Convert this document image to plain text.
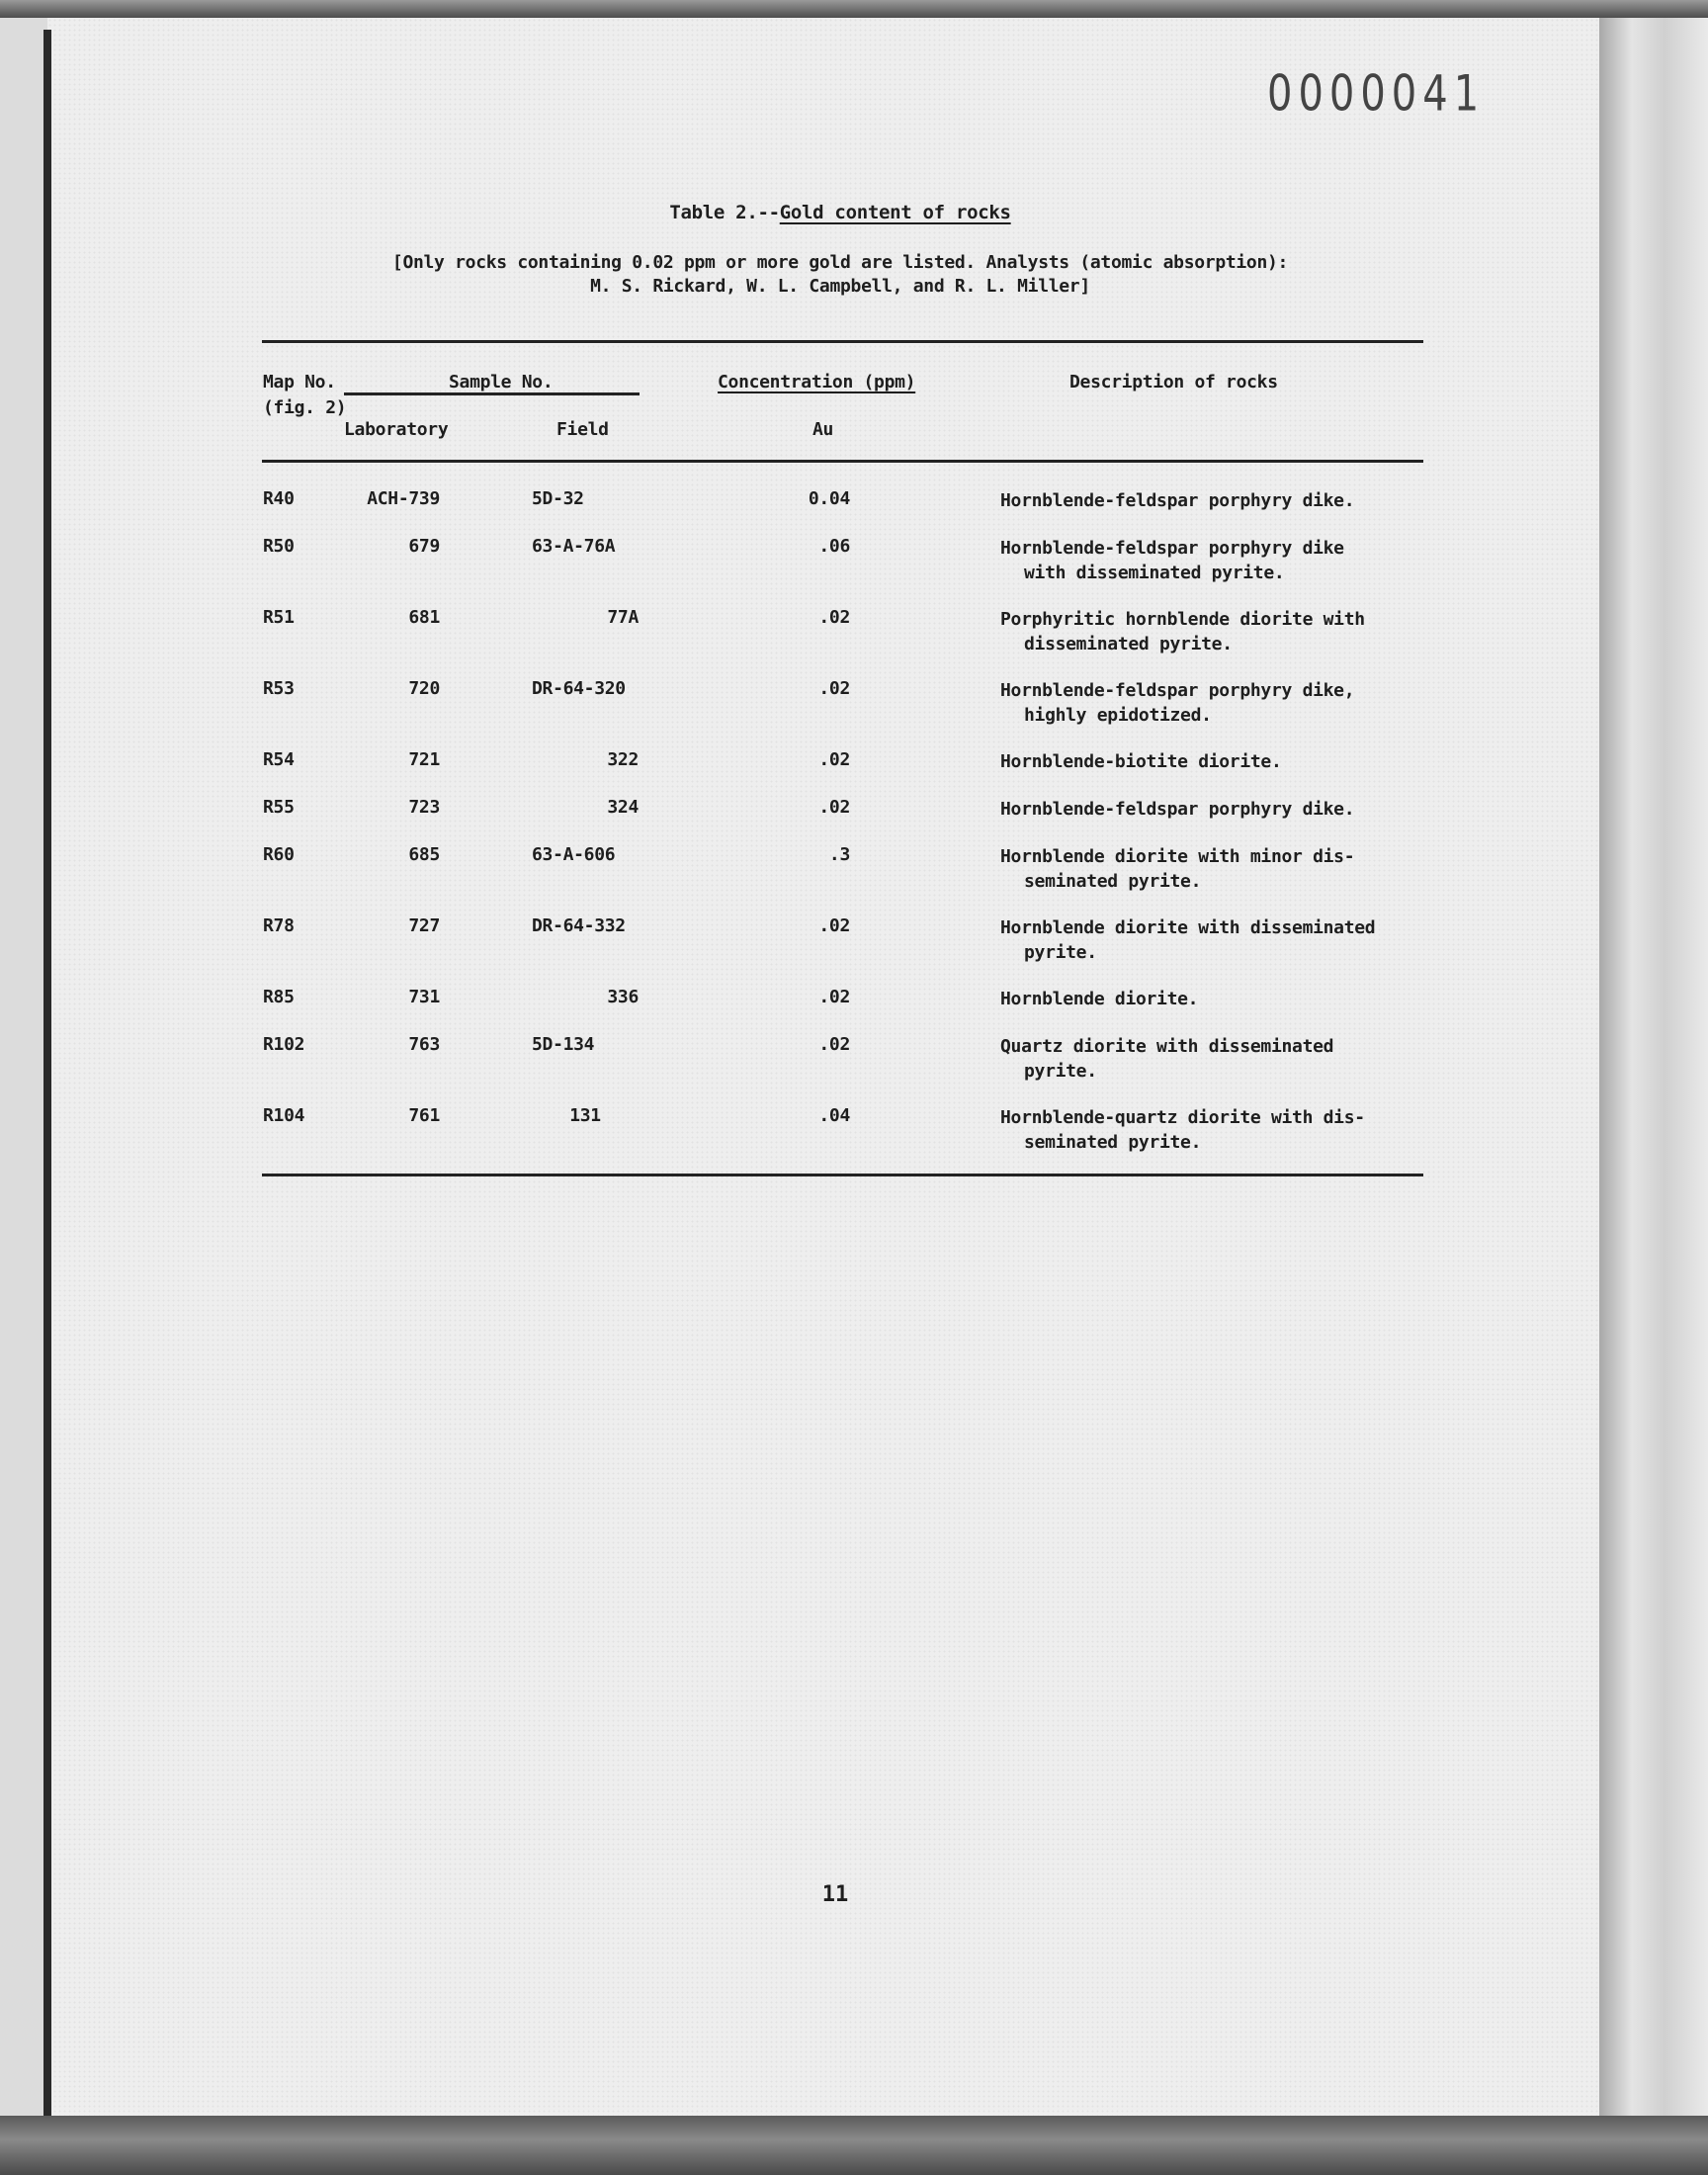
0000041
Table 2.--Gold content of rocks
[Only rocks containing 0.02 ppm or more gold are listed. Analysts (atomic absorption):
M. S. Rickard, W. L. Campbell, and R. L. Miller]
Map No.	Sample No.	Concentration (ppm)	Description of rocks
(fig. 2)
Laboratory	Field	Au
R40	ACH-739	5D-32	0.04	Hornblende-feldspar porphyry dike.
R50	679	63-A-76A	.06	Hornblende-feldspar porphyry dike
with disseminated pyrite.
R51	681	77A	.02	Porphyritic hornblende diorite with
disseminated pyrite.
R53	720	DR-64-320	.02	Hornblende-feldspar porphyry dike,
highly epidotized.
R54	721	322	.02	Hornblende-biotite diorite.
R55	723	324	.02	Hornblende-feldspar porphyry dike.
R60	685	63-A-606	.3	Hornblende diorite with minor dis-
seminated pyrite.
R78	727	DR-64-332	.02	Hornblende diorite with disseminated
pyrite.
R85	731	336	.02	Hornblende diorite.
R102	763	5D-134	.02	Quartz diorite with disseminated
pyrite.
R104	761	131	.04	Hornblende-quartz diorite with dis-
seminated pyrite.
11
